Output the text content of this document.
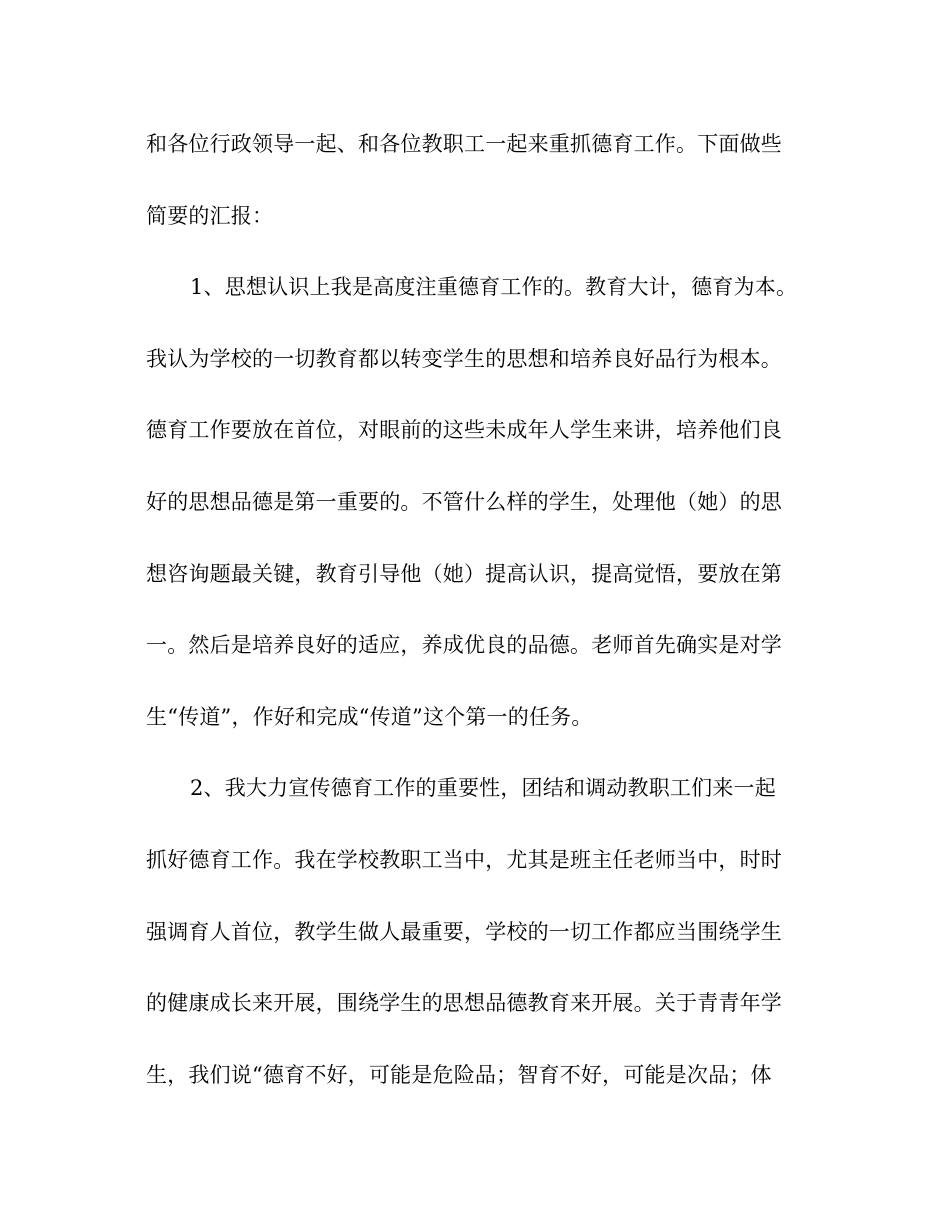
和各位行政领导一起、和各位教职工一起来重抓德育工作。下面做些
简要的汇报：
1、思想认识上我是高度注重德育工作的。教育大计，德育为本。
我认为学校的一切教育都以转变学生的思想和培养良好品行为根本。
德育工作要放在首位，对眼前的这些未成年人学生来讲，培养他们良
好的思想品德是第一重要的。不管什么样的学生，处理他（她）的思
想咨询题最关键，教育引导他（她）提高认识，提高觉悟，要放在第
一。然后是培养良好的适应，养成优良的品德。老师首先确实是对学
生“传道”，作好和完成“传道”这个第一的任务。
2、我大力宣传德育工作的重要性，团结和调动教职工们来一起
抓好德育工作。我在学校教职工当中，尤其是班主任老师当中，时时
强调育人首位，教学生做人最重要，学校的一切工作都应当围绕学生
的健康成长来开展，围绕学生的思想品德教育来开展。关于青青年学
生，我们说“德育不好，可能是危险品；智育不好，可能是次品；体
